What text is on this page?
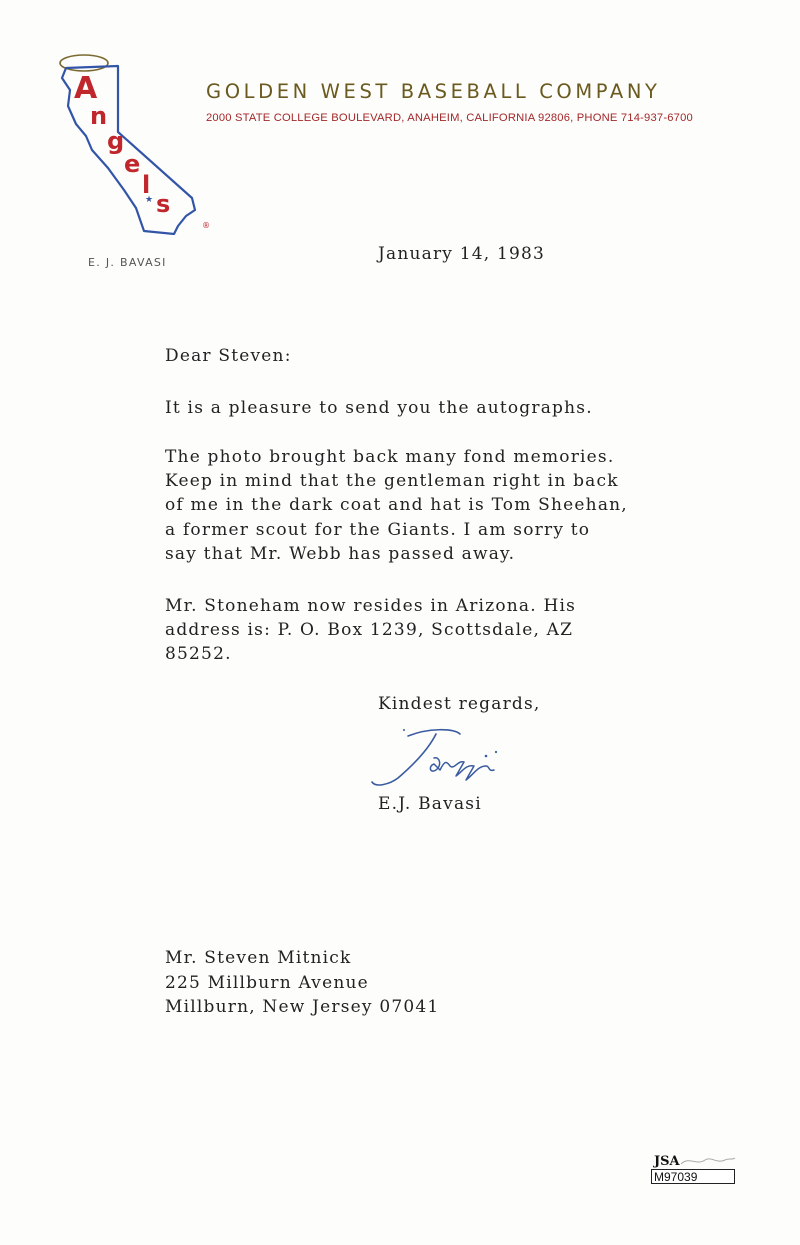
A
n
g
e
l
s
★
®
GOLDEN WEST BASEBALL COMPANY
2000 STATE COLLEGE BOULEVARD, ANAHEIM, CALIFORNIA 92806, PHONE 714-937-6700
E. J. BAVASI	January 14, 1983
Dear Steven:
It is a pleasure to send you the autographs.
The photo brought back many fond memories.
Keep in mind that the gentleman right in back
of me in the dark coat and hat is Tom Sheehan,
a former scout for the Giants. I am sorry to
say that Mr. Webb has passed away.
Mr. Stoneham now resides in Arizona. His
address is: P. O. Box 1239, Scottsdale, AZ
85252.
Kindest regards,
E.J. Bavasi
Mr. Steven Mitnick
225 Millburn Avenue
Millburn, New Jersey 07041
JSA
M97039
